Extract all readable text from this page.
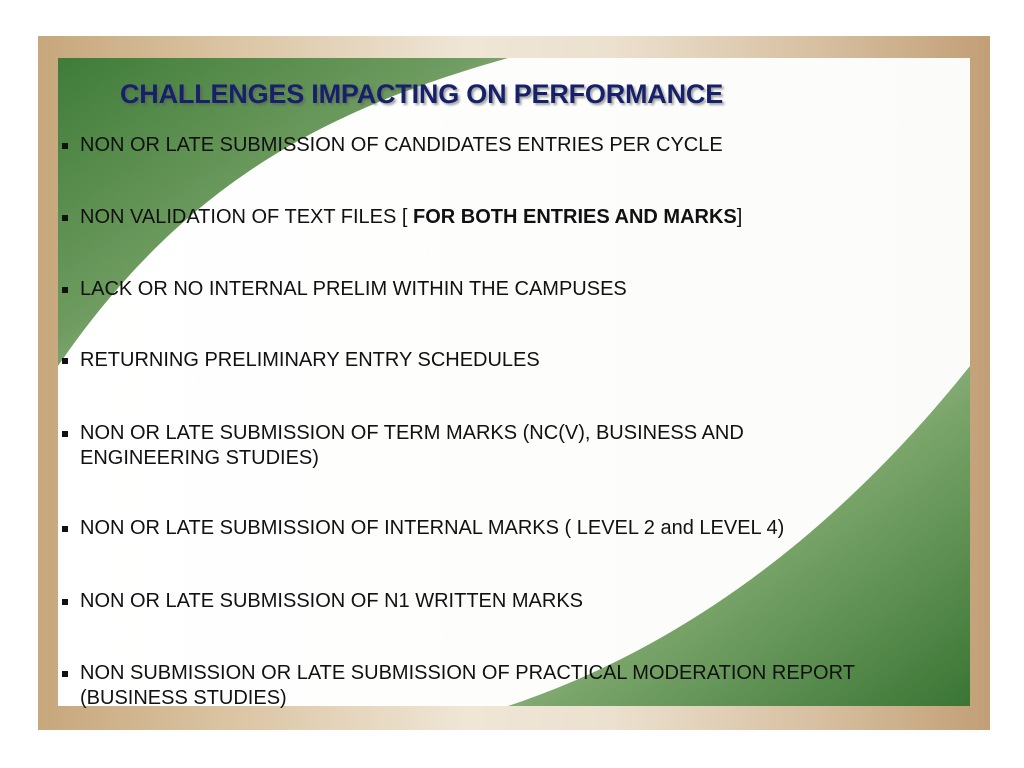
CHALLENGES IMPACTING ON PERFORMANCE
NON OR LATE SUBMISSION OF CANDIDATES ENTRIES PER CYCLE
NON VALIDATION OF TEXT FILES [ FOR BOTH ENTRIES AND MARKS]
LACK OR NO INTERNAL PRELIM WITHIN THE CAMPUSES
RETURNING PRELIMINARY ENTRY SCHEDULES
NON OR LATE SUBMISSION OF TERM MARKS (NC(V), BUSINESS AND ENGINEERING STUDIES)
NON OR LATE SUBMISSION OF INTERNAL MARKS ( LEVEL 2 and LEVEL 4)
NON OR LATE SUBMISSION OF N1 WRITTEN MARKS
NON SUBMISSION OR LATE SUBMISSION OF PRACTICAL MODERATION REPORT (BUSINESS STUDIES)
